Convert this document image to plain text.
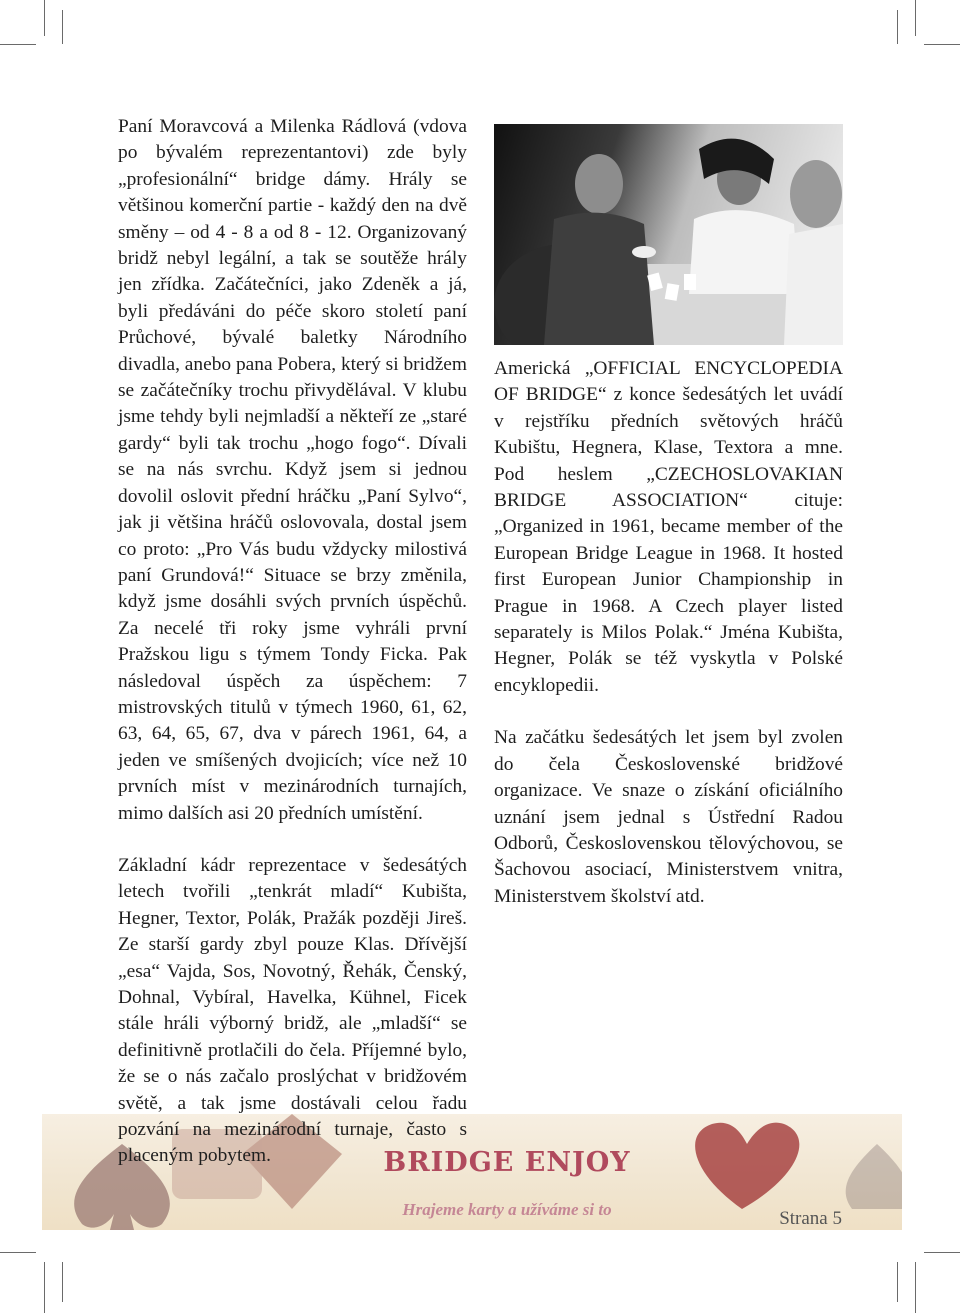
BRIDGE ENJOY
Hrajeme karty a užíváme si to	Strana 5

Paní Moravcová a Milenka Rádlová (vdova po bývalém reprezentantovi) zde byly „profesionální“ bridge dámy. Hrály se většinou komerční partie - každý den na dvě směny – od 4 - 8 a od 8 - 12. Organizovaný bridž nebyl legální, a tak se soutěže hrály jen zřídka. Začátečníci, jako Zdeněk a já, byli předáváni do péče skoro století paní Průchové, bývalé baletky Národního divadla, anebo pana Pobera, který si bridžem se začátečníky trochu přivydělával. V klubu jsme tehdy byli nejmladší a někteří ze „staré gardy“ byli tak trochu „hogo fogo“. Dívali se na nás svrchu. Když jsem si jednou dovolil oslovit přední hráčku „Paní Sylvo“, jak ji většina hráčů oslovovala, dostal jsem co proto: „Pro Vás budu vždycky milostivá paní Grundová!“ Situace se brzy změnila, když jsme dosáhli svých prvních úspěchů. Za necelé tři roky jsme vyhráli první Pražskou ligu s týmem Tondy Ficka. Pak následoval úspěch za úspěchem: 7 mistrovských titulů v týmech 1960, 61, 62, 63, 64, 65, 67, dva v párech 1961, 64, a jeden ve smíšených dvojicích; více než 10 prvních míst v mezinárodních turnajích, mimo dalších asi 20 předních umístění.

Základní kádr reprezentace v šedesátých letech tvořili „tenkrát mladí“ Kubišta, Hegner, Textor, Polák, Pražák později Jireš. Ze starší gardy zbyl pouze Klas. Dřívější „esa“ Vajda, Sos, Novotný, Řehák, Čenský, Dohnal, Vybíral, Havelka, Kühnel, Ficek stále hráli výborný bridž, ale „mladší“ se definitivně protlačili do čela. Příjemné bylo, že se o nás začalo proslýchat v bridžovém světě, a tak jsme dostávali celou řadu pozvání na mezinárodní turnaje, často s placeným pobytem.

Americká „OFFICIAL ENCYCLOPEDIA OF BRIDGE“ z konce šedesátých let uvádí v rejstříku předních světových hráčů Kubištu, Hegnera, Klase, Textora a mne. Pod heslem „CZECHOSLOVAKIAN BRIDGE ASSOCIATION“ cituje: „Organized in 1961, became member of the European Bridge League in 1968. It hosted first European Junior Championship in Prague in 1968. A Czech player listed separately is Milos Polak.“ Jména Kubišta, Hegner, Polák se též vyskytla v Polské encyklopedii.

Na začátku šedesátých let jsem byl zvolen do čela Československé bridžové organizace. Ve snaze o získání oficiálního uznání jsem jednal s Ústřední Radou Odborů, Československou tělovýchovou, se Šachovou asociací, Ministerstvem vnitra, Ministerstvem školství atd.
